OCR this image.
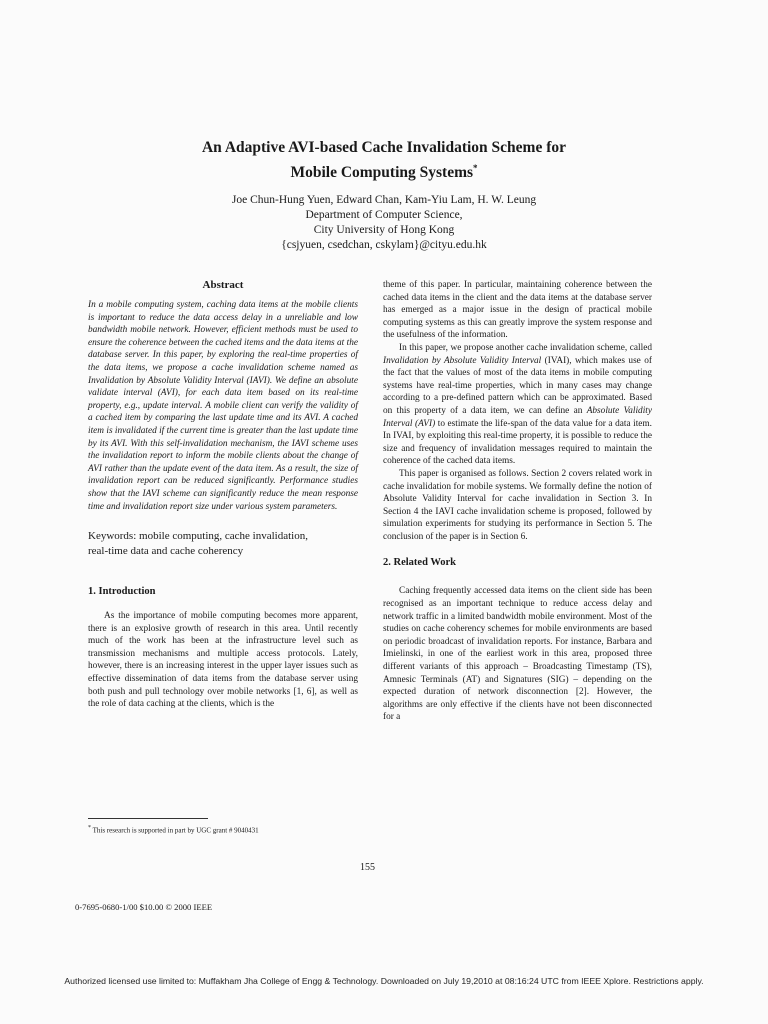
An Adaptive AVI-based Cache Invalidation Scheme for
Mobile Computing Systems*
Joe Chun-Hung Yuen, Edward Chan, Kam-Yiu Lam, H. W. Leung
Department of Computer Science,
City University of Hong Kong
{csjyuen, csedchan, cskylam}@cityu.edu.hk
Abstract

In a mobile computing system, caching data items at the mobile clients is important to reduce the data access delay in a unreliable and low bandwidth mobile network. However, efficient methods must be used to ensure the coherence between the cached items and the data items at the database server. In this paper, by exploring the real-time properties of the data items, we propose a cache invalidation scheme named as Invalidation by Absolute Validity Interval (IAVI). We define an absolute validate interval (AVI), for each data item based on its real-time property, e.g., update interval. A mobile client can verify the validity of a cached item by comparing the last update time and its AVI. A cached item is invalidated if the current time is greater than the last update time by its AVI. With this self-invalidation mechanism, the IAVI scheme uses the invalidation report to inform the mobile clients about the change of AVI rather than the update event of the data item. As a result, the size of invalidation report can be reduced significantly. Performance studies show that the IAVI scheme can significantly reduce the mean response time and invalidation report size under various system parameters.

Keywords: mobile computing, cache invalidation,
real-time data and cache coherency
1. Introduction

As the importance of mobile computing becomes more apparent, there is an explosive growth of research in this area. Until recently much of the work has been at the infrastructure level such as transmission mechanisms and multiple access protocols. Lately, however, there is an increasing interest in the upper layer issues such as effective dissemination of data items from the database server using both push and pull technology over mobile networks [1, 6], as well as the role of data caching at the clients, which is the

theme of this paper. In particular, maintaining coherence between the cached data items in the client and the data items at the database server has emerged as a major issue in the design of practical mobile computing systems as this can greatly improve the system response and the usefulness of the information.

In this paper, we propose another cache invalidation scheme, called Invalidation by Absolute Validity Interval (IVAI), which makes use of the fact that the values of most of the data items in mobile computing systems have real-time properties, which in many cases may change according to a pre-defined pattern which can be approximated. Based on this property of a data item, we can define an Absolute Validity Interval (AVI) to estimate the life-span of the data value for a data item. In IVAI, by exploiting this real-time property, it is possible to reduce the size and frequency of invalidation messages required to maintain the coherence of the cached data items.

This paper is organised as follows. Section 2 covers related work in cache invalidation for mobile systems. We formally define the notion of Absolute Validity Interval for cache invalidation in Section 3. In Section 4 the IAVI cache invalidation scheme is proposed, followed by simulation experiments for studying its performance in Section 5. The conclusion of the paper is in Section 6.

2. Related Work

Caching frequently accessed data items on the client side has been recognised as an important technique to reduce access delay and network traffic in a limited bandwidth mobile environment. Most of the studies on cache coherency schemes for mobile environments are based on periodic broadcast of invalidation reports. For instance, Barbara and Imielinski, in one of the earliest work in this area, proposed three different variants of this approach – Broadcasting Timestamp (TS), Amnesic Terminals (AT) and Signatures (SIG) – depending on the expected duration of network disconnection [2]. However, the algorithms are only effective if the clients have not been disconnected for a

* This research is supported in part by UGC grant # 9040431
155
0-7695-0680-1/00 $10.00 © 2000 IEEE
Authorized licensed use limited to: Muffakham Jha College of Engg & Technology. Downloaded on July 19,2010 at 08:16:24 UTC from IEEE Xplore. Restrictions apply.
